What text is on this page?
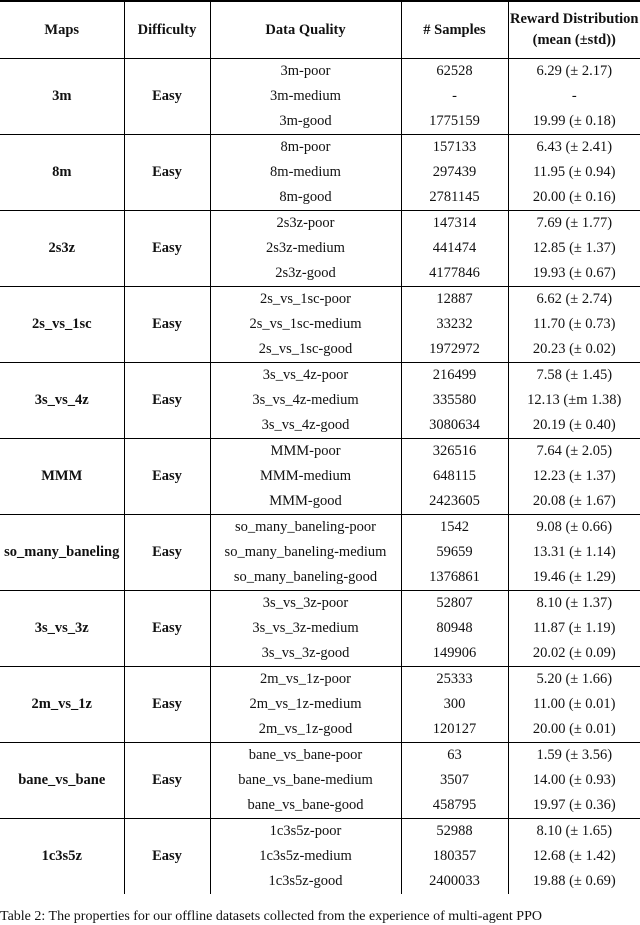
Maps	Difficulty	Data Quality	# Samples	Reward Distribution
(mean (±std))

3m	Easy	3m-poor	62528	6.29 (± 2.17)
		3m-medium	-	-
		3m-good	1775159	19.99 (± 0.18)
8m	Easy	8m-poor	157133	6.43 (± 2.41)
		8m-medium	297439	11.95 (± 0.94)
		8m-good	2781145	20.00 (± 0.16)
2s3z	Easy	2s3z-poor	147314	7.69 (± 1.77)
		2s3z-medium	441474	12.85 (± 1.37)
		2s3z-good	4177846	19.93 (± 0.67)
2s_vs_1sc	Easy	2s_vs_1sc-poor	12887	6.62 (± 2.74)
		2s_vs_1sc-medium	33232	11.70 (± 0.73)
		2s_vs_1sc-good	1972972	20.23 (± 0.02)
3s_vs_4z	Easy	3s_vs_4z-poor	216499	7.58 (± 1.45)
		3s_vs_4z-medium	335580	12.13 (±m 1.38)
		3s_vs_4z-good	3080634	20.19 (± 0.40)
MMM	Easy	MMM-poor	326516	7.64 (± 2.05)
		MMM-medium	648115	12.23 (± 1.37)
		MMM-good	2423605	20.08 (± 1.67)
so_many_baneling	Easy	so_many_baneling-poor	1542	9.08 (± 0.66)
		so_many_baneling-medium	59659	13.31 (± 1.14)
		so_many_baneling-good	1376861	19.46 (± 1.29)
3s_vs_3z	Easy	3s_vs_3z-poor	52807	8.10 (± 1.37)
		3s_vs_3z-medium	80948	11.87 (± 1.19)
		3s_vs_3z-good	149906	20.02 (± 0.09)
2m_vs_1z	Easy	2m_vs_1z-poor	25333	5.20 (± 1.66)
		2m_vs_1z-medium	300	11.00 (± 0.01)
		2m_vs_1z-good	120127	20.00 (± 0.01)
bane_vs_bane	Easy	bane_vs_bane-poor	63	1.59 (± 3.56)
		bane_vs_bane-medium	3507	14.00 (± 0.93)
		bane_vs_bane-good	458795	19.97 (± 0.36)
1c3s5z	Easy	1c3s5z-poor	52988	8.10 (± 1.65)
		1c3s5z-medium	180357	12.68 (± 1.42)
		1c3s5z-good	2400033	19.88 (± 0.69)
Table 2: The properties for our offline datasets collected from the experience of multi-agent PPO
